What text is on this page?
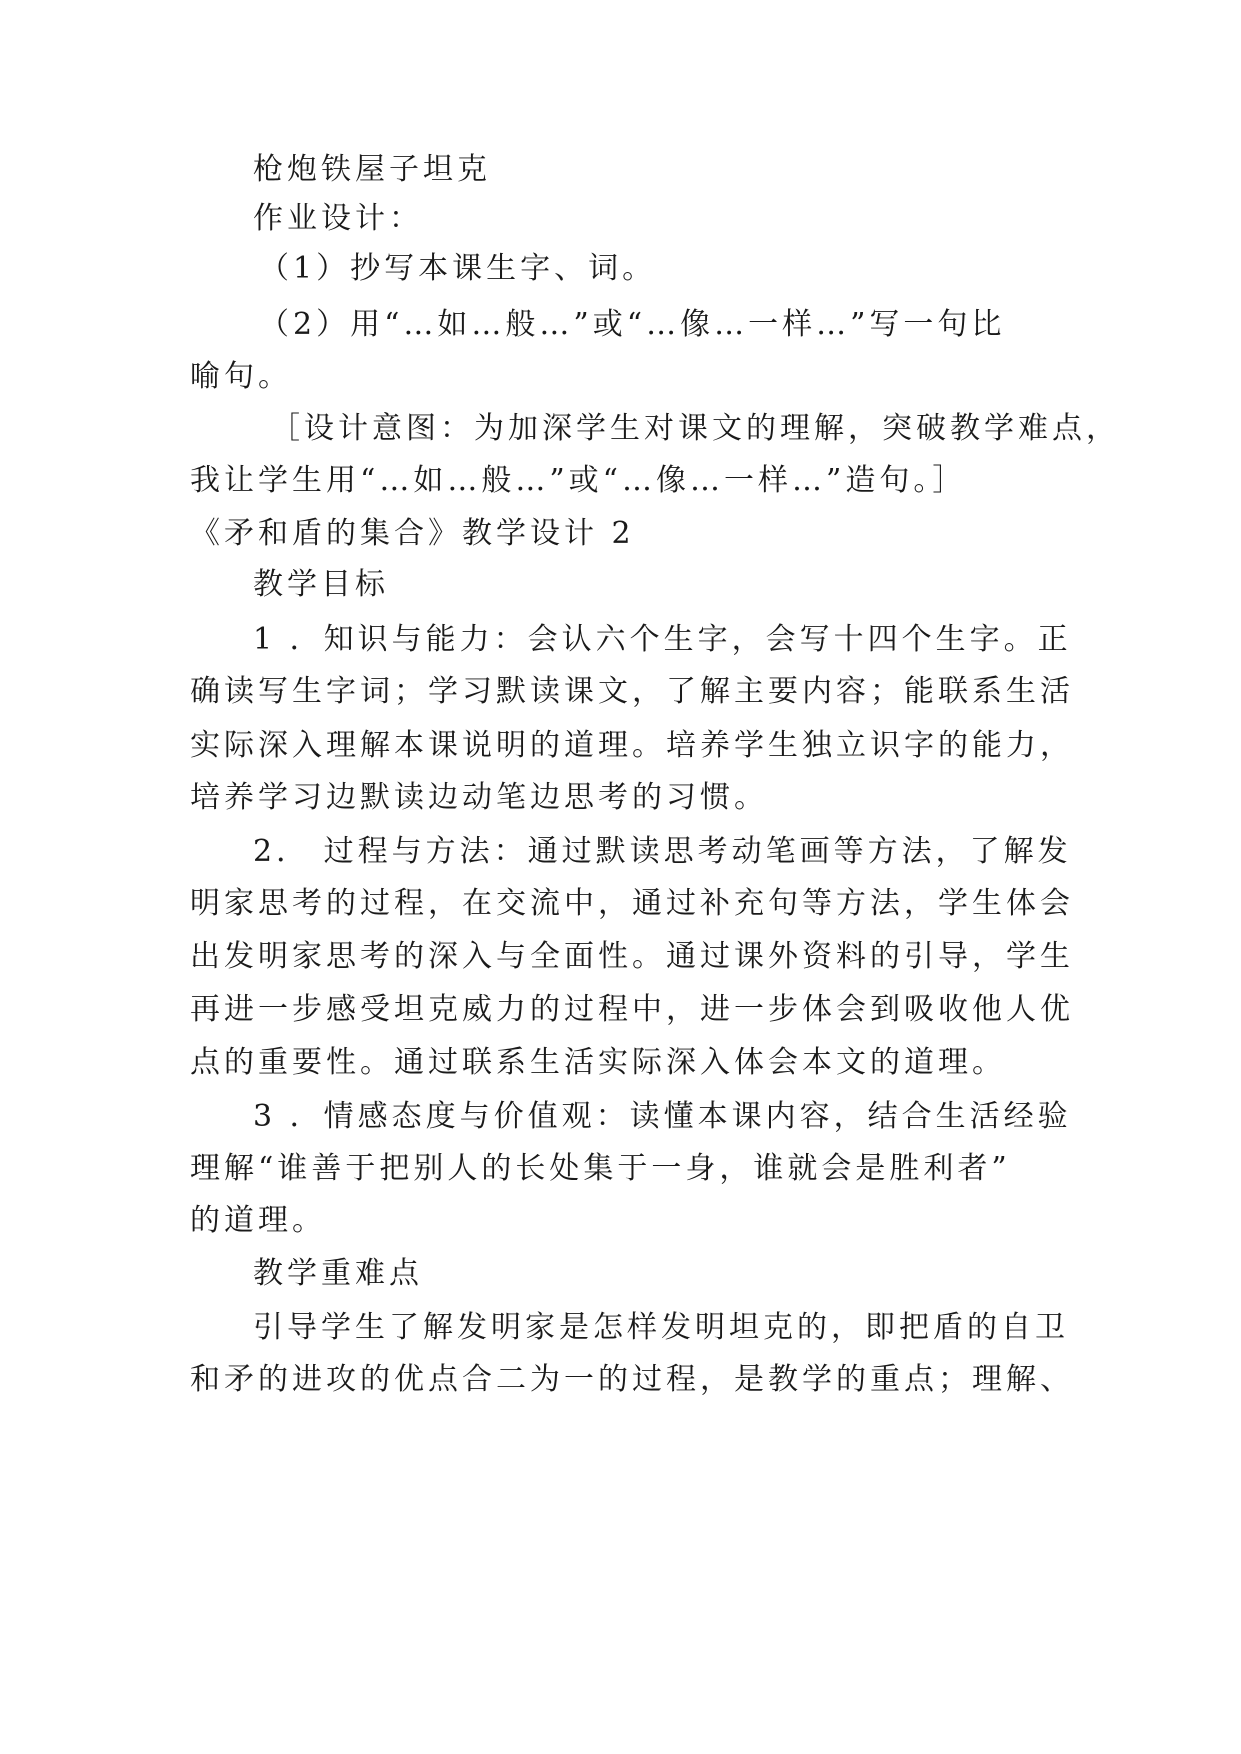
枪炮铁屋子坦克
作业设计：
（1）抄写本课生字、词。
（2）用“…如…般…”或“…像…一样…”写一句比
喻句。
［设计意图：为加深学生对课文的理解，突破教学难点，
我让学生用“…如…般…”或“…像…一样…”造句。］
《矛和盾的集合》教学设计 2
教学目标
1 ．知识与能力：会认六个生字，会写十四个生字。正
确读写生字词；学习默读课文，了解主要内容；能联系生活
实际深入理解本课说明的道理。培养学生独立识字的能力，
培养学习边默读边动笔边思考的习惯。
2． 过程与方法：通过默读思考动笔画等方法，了解发
明家思考的过程，在交流中，通过补充句等方法，学生体会
出发明家思考的深入与全面性。通过课外资料的引导，学生
再进一步感受坦克威力的过程中，进一步体会到吸收他人优
点的重要性。通过联系生活实际深入体会本文的道理。
3 ．情感态度与价值观：读懂本课内容，结合生活经验
理解“谁善于把别人的长处集于一身，谁就会是胜利者”
的道理。
教学重难点
引导学生了解发明家是怎样发明坦克的，即把盾的自卫
和矛的进攻的优点合二为一的过程，是教学的重点；理解、
